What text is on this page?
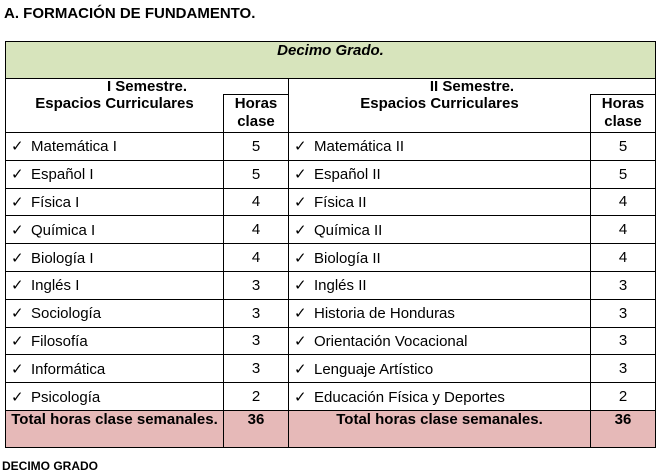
A. FORMACIÓN DE FUNDAMENTO.
Decimo Grado.			
I Semestre.		II Semestre.	
Espacios Curriculares	Horas clase	Espacios Curriculares	Horas clase
✓ Matemática I	5	✓ Matemática II	5
✓ Español I	5	✓ Español II	5
✓ Física I	4	✓ Física II	4
✓ Química I	4	✓ Química II	4
✓ Biología I	4	✓ Biología II	4
✓ Inglés I	3	✓ Inglés II	3
✓ Sociología	3	✓ Historia de Honduras	3
✓ Filosofía	3	✓ Orientación Vocacional	3
✓ Informática	3	✓ Lenguaje Artístico	3
✓ Psicología	2	✓ Educación Física y Deportes	2
Total horas clase semanales.	36	Total horas clase semanales.	36
DECIMO GRADO
